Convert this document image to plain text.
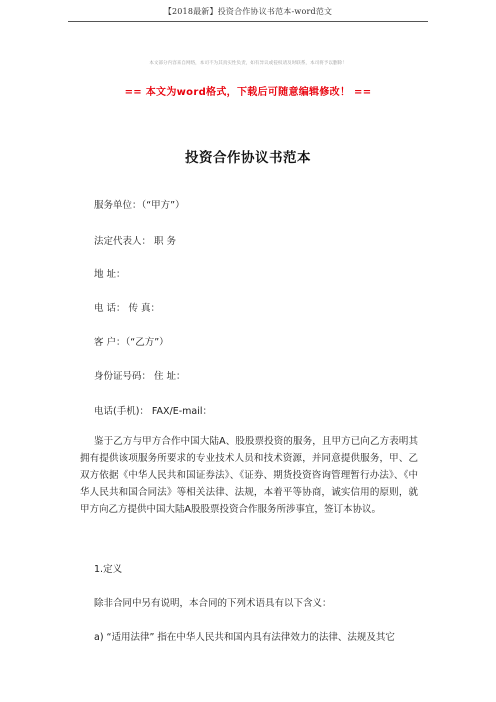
【2018最新】投资合作协议书范本-word范文
本文部分内容来自网络，本司不为其真实性负责，如有异议或侵权请及时联系，本司将予以删除！
== 本文为word格式，下载后可随意编辑修改！ ==
投资合作协议书范本
服务单位：（“甲方”）
法定代表人： 职 务
地 址：
电 话： 传 真：
客 户：（“乙方”）
身份证号码： 住 址：
电话(手机)： FAX/E-mail：
鉴于乙方与甲方合作中国大陆A、股股票投资的服务，且甲方已向乙方表明其拥有提供该项服务所要求的专业技术人员和技术资源，并同意提供服务，甲、乙双方依据《中华人民共和国证券法》、《证券、期货投资咨询管理暂行办法》、《中华人民共和国合同法》等相关法律、法规，本着平等协商，诚实信用的原则，就甲方向乙方提供中国大陆A股股票投资合作服务所涉事宜，签订本协议。
1.定义
除非合同中另有说明，本合同的下列术语具有以下含义：
a) “适用法律” 指在中华人民共和国内具有法律效力的法律、法规及其它
